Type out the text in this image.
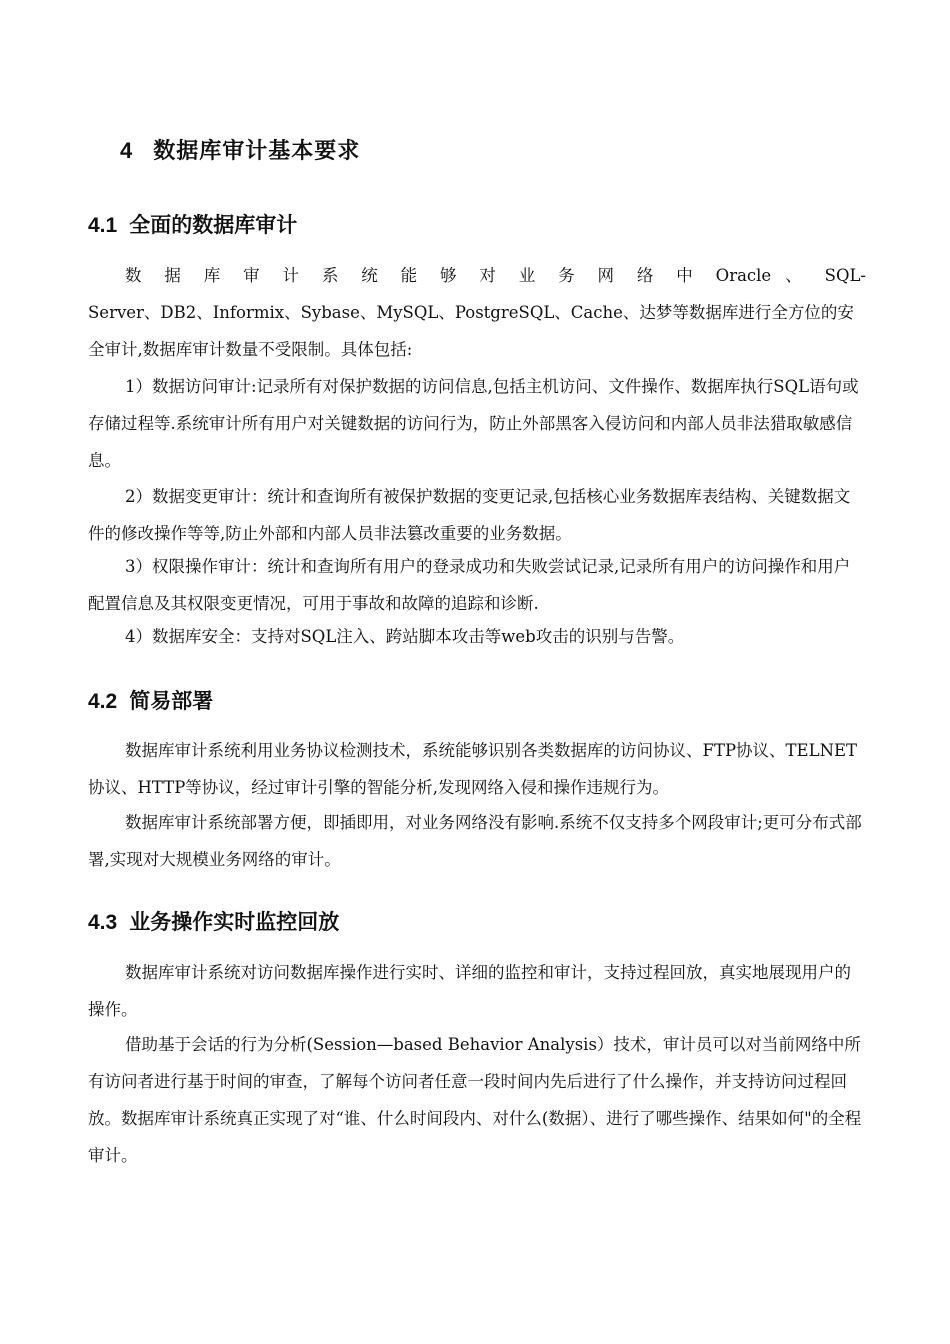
4 数据库审计基本要求
4.1 全面的数据库审计

数 据 库 审 计 系 统 能 够 对 业 务 网 络 中 Oracle 、 SQL-

Server、DB2、Informix、Sybase、MySQL、PostgreSQL、Cache、达梦等数据库进行全方位的安全审计,数据库审计数量不受限制。具体包括:

1）数据访问审计:记录所有对保护数据的访问信息,包括主机访问、文件操作、数据库执行SQL语句或存储过程等.系统审计所有用户对关键数据的访问行为，防止外部黑客入侵访问和内部人员非法猎取敏感信息。

2）数据变更审计：统计和查询所有被保护数据的变更记录,包括核心业务数据库表结构、关键数据文件的修改操作等等,防止外部和内部人员非法篡改重要的业务数据。

3）权限操作审计：统计和查询所有用户的登录成功和失败尝试记录,记录所有用户的访问操作和用户配置信息及其权限变更情况，可用于事故和故障的追踪和诊断.

4）数据库安全：支持对SQL注入、跨站脚本攻击等web攻击的识别与告警。

4.2 简易部署

数据库审计系统利用业务协议检测技术，系统能够识别各类数据库的访问协议、FTP协议、TELNET协议、HTTP等协议，经过审计引擎的智能分析,发现网络入侵和操作违规行为。

数据库审计系统部署方便，即插即用，对业务网络没有影响.系统不仅支持多个网段审计;更可分布式部署,实现对大规模业务网络的审计。

4.3 业务操作实时监控回放

数据库审计系统对访问数据库操作进行实时、详细的监控和审计，支持过程回放，真实地展现用户的操作。

借助基于会话的行为分析(Session—based Behavior Analysis）技术，审计员可以对当前网络中所有访问者进行基于时间的审查，了解每个访问者任意一段时间内先后进行了什么操作，并支持访问过程回放。数据库审计系统真正实现了对“谁、什么时间段内、对什么(数据）、进行了哪些操作、结果如何"的全程审计。
